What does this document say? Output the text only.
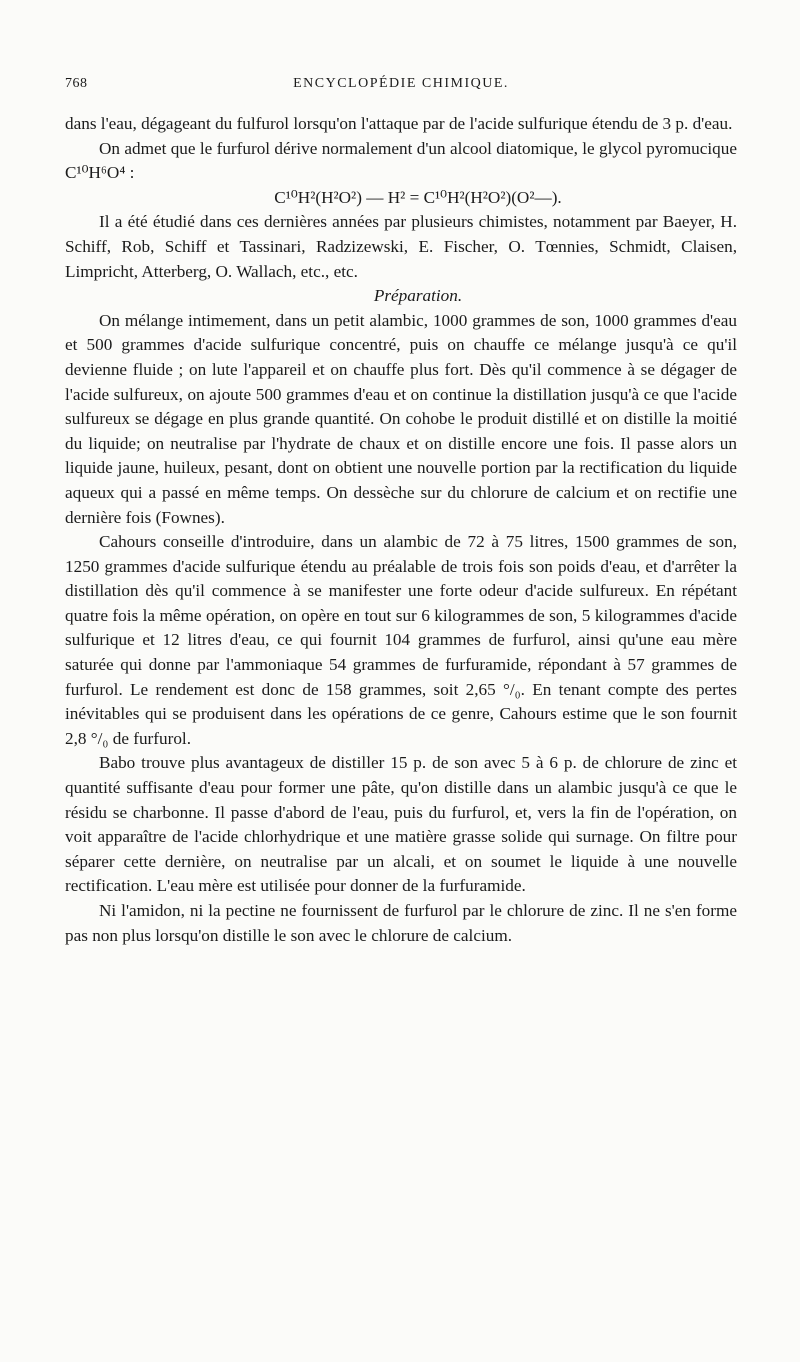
768	ENCYCLOPÉDIE CHIMIQUE.

dans l'eau, dégageant du fulfurol lorsqu'on l'attaque par de l'acide sulfurique étendu de 3 p. d'eau.

On admet que le furfurol dérive normalement d'un alcool diatomique, le glycol pyromucique C¹⁰H⁶O⁴ :

C¹⁰H²(H²O²) — H² = C¹⁰H²(H²O²)(O²—).

Il a été étudié dans ces dernières années par plusieurs chimistes, notamment par Baeyer, H. Schiff, Rob, Schiff et Tassinari, Radzizewski, E. Fischer, O. Tœnnies, Schmidt, Claisen, Limpricht, Atterberg, O. Wallach, etc., etc.

Préparation.

On mélange intimement, dans un petit alambic, 1000 grammes de son, 1000 grammes d'eau et 500 grammes d'acide sulfurique concentré, puis on chauffe ce mélange jusqu'à ce qu'il devienne fluide ; on lute l'appareil et on chauffe plus fort. Dès qu'il commence à se dégager de l'acide sulfureux, on ajoute 500 grammes d'eau et on continue la distillation jusqu'à ce que l'acide sulfureux se dégage en plus grande quantité. On cohobe le produit distillé et on distille la moitié du liquide; on neutralise par l'hydrate de chaux et on distille encore une fois. Il passe alors un liquide jaune, huileux, pesant, dont on obtient une nouvelle portion par la rectification du liquide aqueux qui a passé en même temps. On dessèche sur du chlorure de calcium et on rectifie une dernière fois (Fownes).

Cahours conseille d'introduire, dans un alambic de 72 à 75 litres, 1500 grammes de son, 1250 grammes d'acide sulfurique étendu au préalable de trois fois son poids d'eau, et d'arrêter la distillation dès qu'il commence à se manifester une forte odeur d'acide sulfureux. En répétant quatre fois la même opération, on opère en tout sur 6 kilogrammes de son, 5 kilogrammes d'acide sulfurique et 12 litres d'eau, ce qui fournit 104 grammes de furfurol, ainsi qu'une eau mère saturée qui donne par l'ammoniaque 54 grammes de furfuramide, répondant à 57 grammes de furfurol. Le rendement est donc de 158 grammes, soit 2,65 °/₀. En tenant compte des pertes inévitables qui se produisent dans les opérations de ce genre, Cahours estime que le son fournit 2,8 °/₀ de furfurol.

Babo trouve plus avantageux de distiller 15 p. de son avec 5 à 6 p. de chlorure de zinc et quantité suffisante d'eau pour former une pâte, qu'on distille dans un alambic jusqu'à ce que le résidu se charbonne. Il passe d'abord de l'eau, puis du furfurol, et, vers la fin de l'opération, on voit apparaître de l'acide chlorhydrique et une matière grasse solide qui surnage. On filtre pour séparer cette dernière, on neutralise par un alcali, et on soumet le liquide à une nouvelle rectification. L'eau mère est utilisée pour donner de la furfuramide.

Ni l'amidon, ni la pectine ne fournissent de furfurol par le chlorure de zinc. Il ne s'en forme pas non plus lorsqu'on distille le son avec le chlorure de calcium.
